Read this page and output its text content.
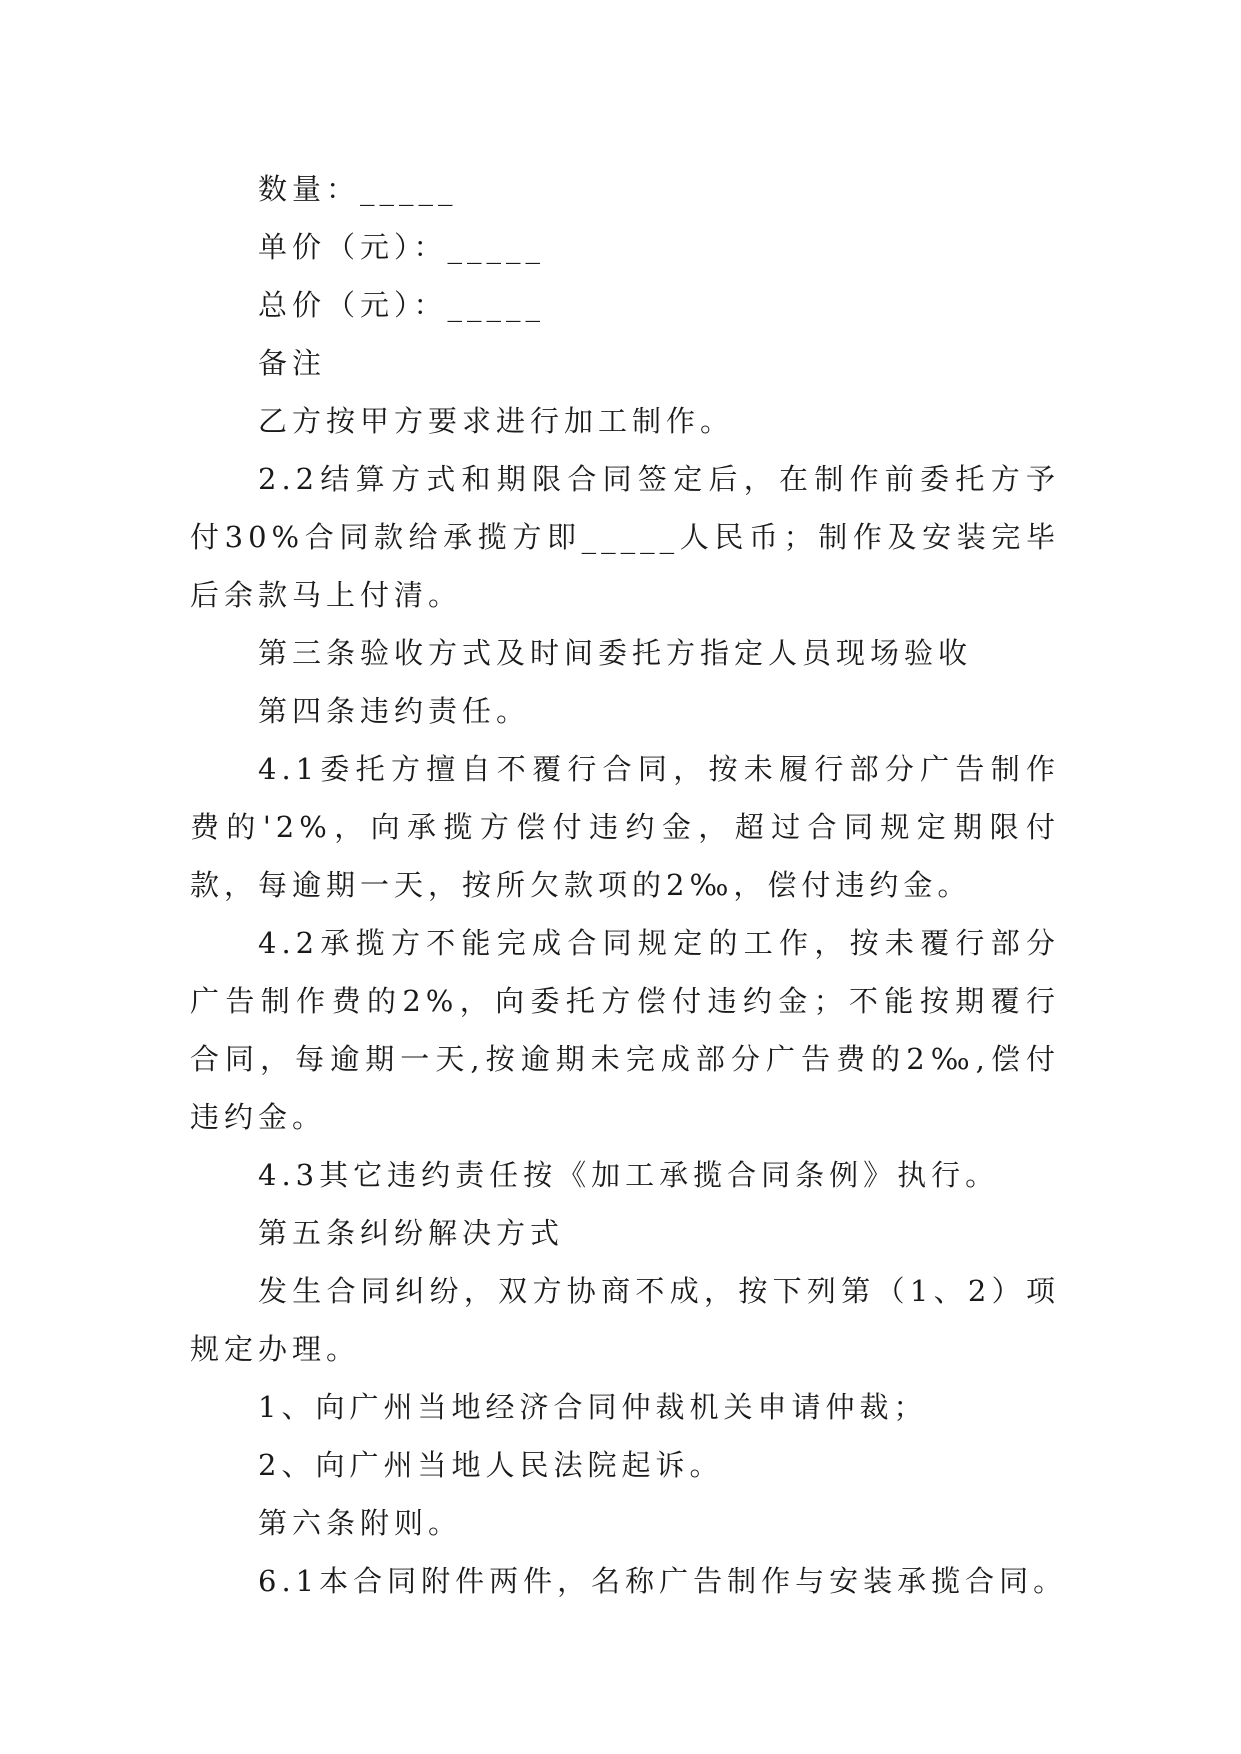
数量：_____
单价（元）：_____
总价（元）：_____
备注
乙方按甲方要求进行加工制作。

2.2结算方式和期限合同签定后，在制作前委托方予付30%合同款给承揽方即_____人民币；制作及安装完毕后余款马上付清。

第三条验收方式及时间委托方指定人员现场验收
第四条违约责任。

4.1委托方擅自不覆行合同，按未履行部分广告制作费的'2%，向承揽方偿付违约金，超过合同规定期限付款，每逾期一天，按所欠款项的2‰，偿付违约金。

4.2承揽方不能完成合同规定的工作，按未覆行部分广告制作费的2%，向委托方偿付违约金；不能按期覆行合同，每逾期一天,按逾期未完成部分广告费的2‰,偿付违约金。

4.3其它违约责任按《加工承揽合同条例》执行。
第五条纠纷解决方式

发生合同纠纷，双方协商不成，按下列第（1、2）项规定办理。

1、向广州当地经济合同仲裁机关申请仲裁；
2、向广州当地人民法院起诉。
第六条附则。
6.1本合同附件两件，名称广告制作与安装承揽合同。
